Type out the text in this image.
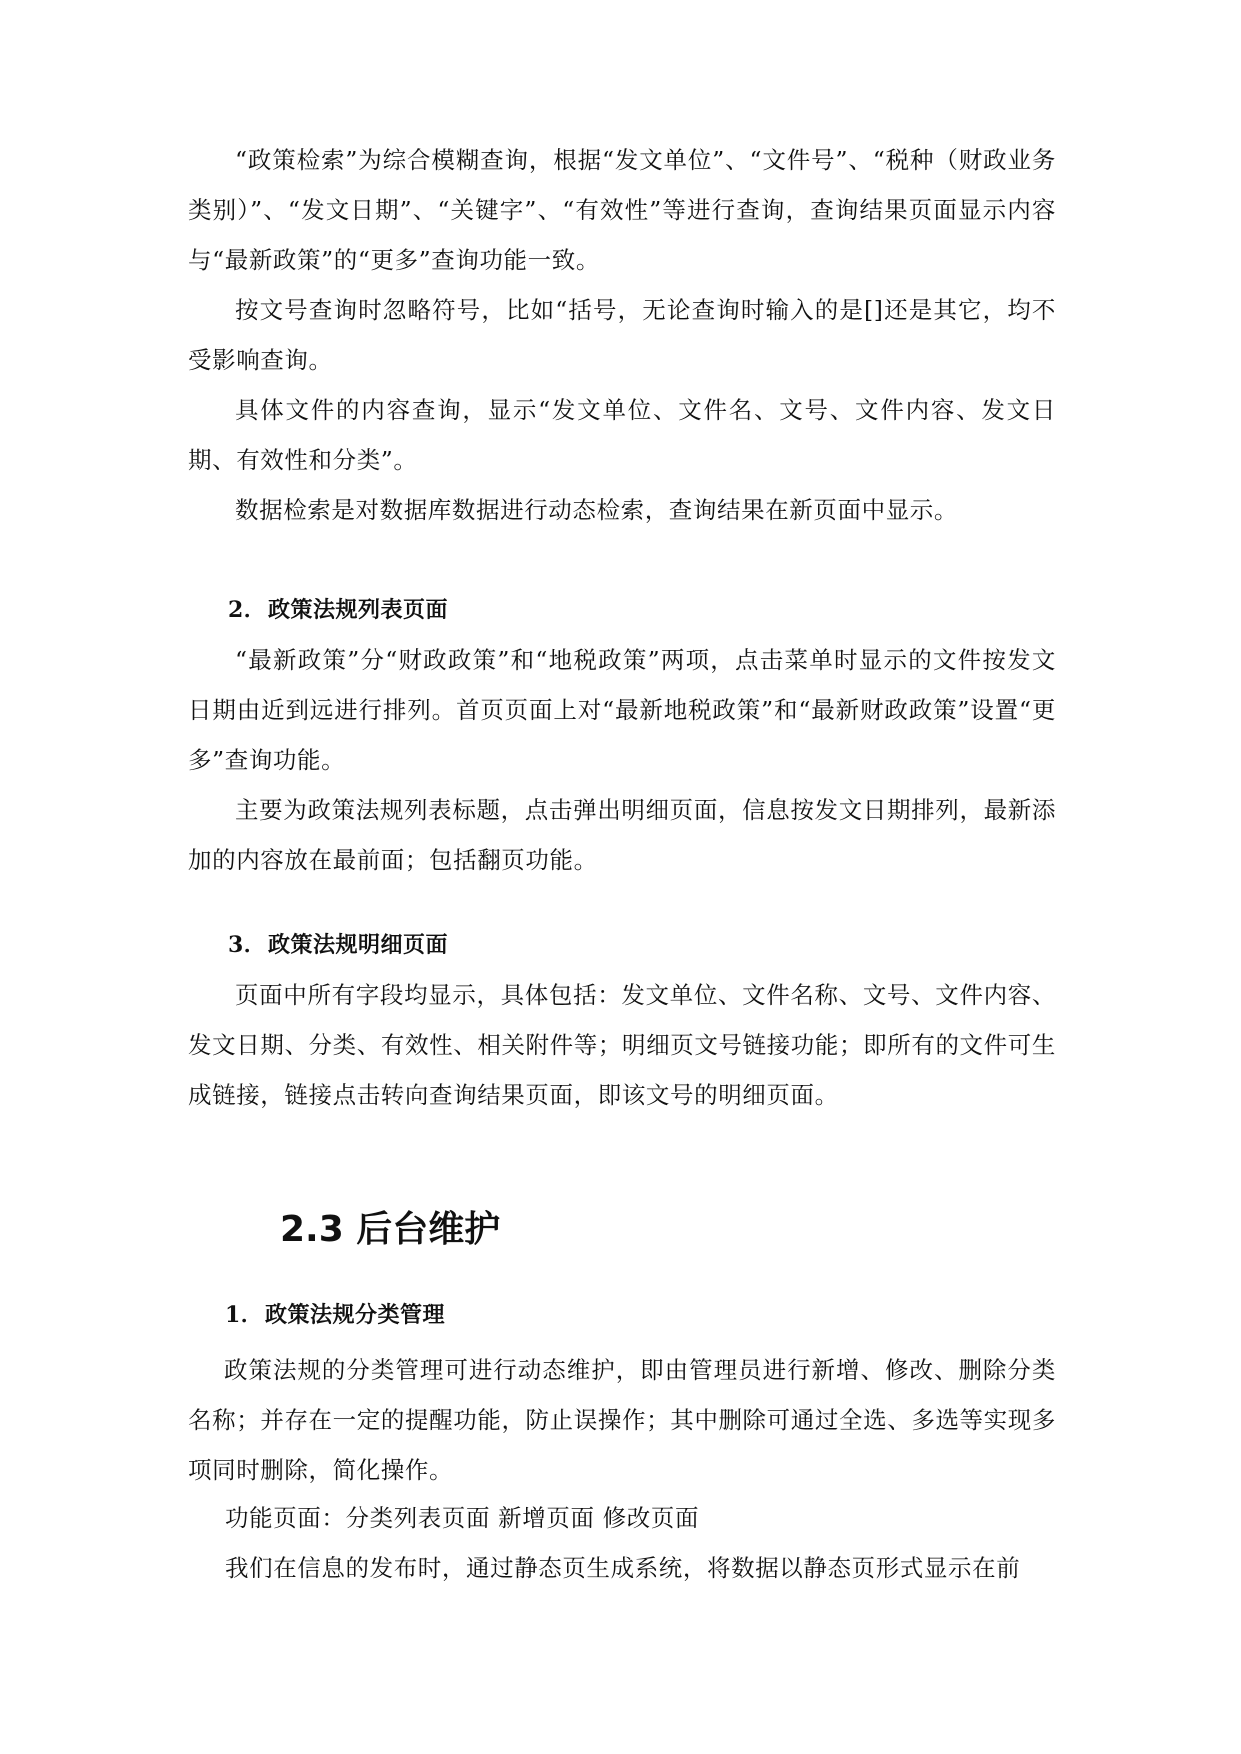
“政策检索”为综合模糊查询，根据“发文单位”、“文件号”、“税种（财政业务类别）”、“发文日期”、“关键字”、“有效性”等进行查询，查询结果页面显示内容与“最新政策”的“更多”查询功能一致。

按文号查询时忽略符号，比如“括号，无论查询时输入的是[]还是其它，均不受影响查询。

具体文件的内容查询，显示“发文单位、文件名、文号、文件内容、发文日期、有效性和分类”。

数据检索是对数据库数据进行动态检索，查询结果在新页面中显示。

2．政策法规列表页面

“最新政策”分“财政政策”和“地税政策”两项，点击菜单时显示的文件按发文日期由近到远进行排列。首页页面上对“最新地税政策”和“最新财政政策”设置“更多”查询功能。

主要为政策法规列表标题，点击弹出明细页面，信息按发文日期排列，最新添加的内容放在最前面；包括翻页功能。

3．政策法规明细页面

页面中所有字段均显示，具体包括：发文单位、文件名称、文号、文件内容、发文日期、分类、有效性、相关附件等；明细页文号链接功能；即所有的文件可生成链接，链接点击转向查询结果页面，即该文号的明细页面。

2.3 后台维护
1．政策法规分类管理

政策法规的分类管理可进行动态维护，即由管理员进行新增、修改、删除分类名称；并存在一定的提醒功能，防止误操作；其中删除可通过全选、多选等实现多项同时删除，简化操作。

功能页面：分类列表页面 新增页面 修改页面

我们在信息的发布时，通过静态页生成系统，将数据以静态页形式显示在前
